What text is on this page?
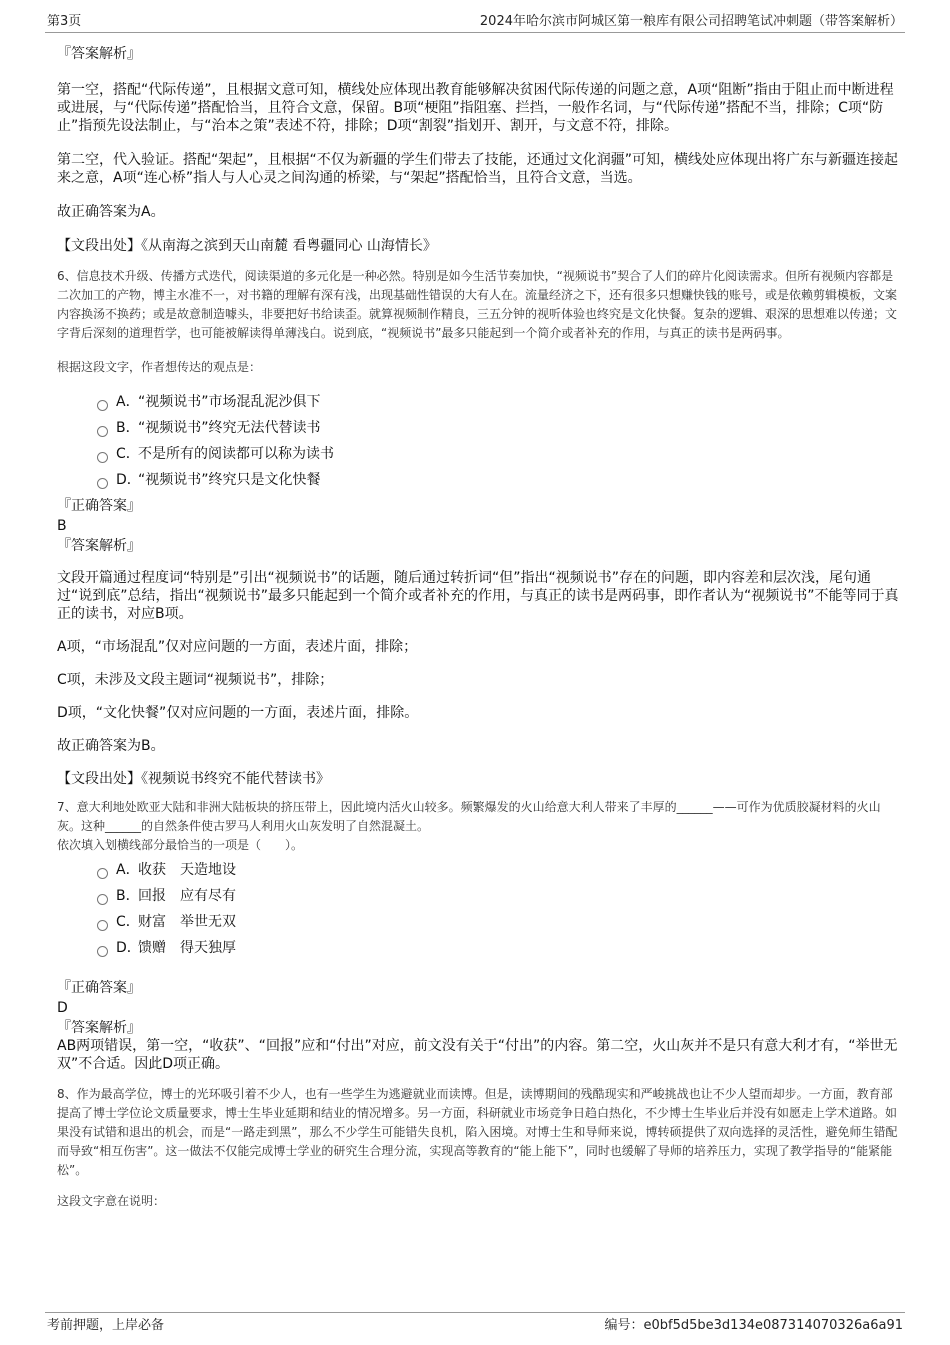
第3页	2024年哈尔滨市阿城区第一粮库有限公司招聘笔试冲刺题（带答案解析）
『答案解析』

第一空，搭配“代际传递”，且根据文意可知，横线处应体现出教育能够解决贫困代际传递的问题之意，A项“阻断”指由于阻止而中断进程或进展，与“代际传递”搭配恰当，且符合文意，保留。B项“梗阻”指阻塞、拦挡，一般作名词，与“代际传递”搭配不当，排除；C项“防止”指预先设法制止，与“治本之策”表述不符，排除；D项“割裂”指划开、割开，与文意不符，排除。

第二空，代入验证。搭配“架起”，且根据“不仅为新疆的学生们带去了技能，还通过文化润疆”可知，横线处应体现出将广东与新疆连接起来之意，A项“连心桥”指人与人心灵之间沟通的桥梁，与“架起”搭配恰当，且符合文意，当选。

故正确答案为A。

【文段出处】《从南海之滨到天山南麓 看粤疆同心 山海情长》

6、信息技术升级、传播方式迭代，阅读渠道的多元化是一种必然。特别是如今生活节奏加快，“视频说书”契合了人们的碎片化阅读需求。但所有视频内容都是二次加工的产物，博主水准不一，对书籍的理解有深有浅，出现基础性错误的大有人在。流量经济之下，还有很多只想赚快钱的账号，或是依赖剪辑模板，文案内容换汤不换药；或是故意制造噱头，非要把好书给读歪。就算视频制作精良，三五分钟的视听体验也终究是文化快餐。复杂的逻辑、艰深的思想难以传递；文字背后深刻的道理哲学，也可能被解读得单薄浅白。说到底，“视频说书”最多只能起到一个简介或者补充的作用，与真正的读书是两码事。

根据这段文字，作者想传达的观点是：

A．
“视频说书”市场混乱泥沙俱下
B．
“视频说书”终究无法代替读书
C．
不是所有的阅读都可以称为读书
D．
“视频说书”终究只是文化快餐
『正确答案』
B
『答案解析』

文段开篇通过程度词“特别是”引出“视频说书”的话题，随后通过转折词“但”指出“视频说书”存在的问题，即内容差和层次浅，尾句通过“说到底”总结，指出“视频说书”最多只能起到一个简介或者补充的作用，与真正的读书是两码事，即作者认为“视频说书”不能等同于真正的读书，对应B项。

A项，“市场混乱”仅对应问题的一方面，表述片面，排除；

C项，未涉及文段主题词“视频说书”，排除；

D项，“文化快餐”仅对应问题的一方面，表述片面，排除。

故正确答案为B。

【文段出处】《视频说书终究不能代替读书》

7、意大利地处欧亚大陆和非洲大陆板块的挤压带上，因此境内活火山较多。频繁爆发的火山给意大利人带来了丰厚的______——可作为优质胶凝材料的火山灰。这种______的自然条件使古罗马人利用火山灰发明了自然混凝土。

依次填入划横线部分最恰当的一项是（　　）。

A．
收获 天造地设
B．
回报 应有尽有
C．
财富 举世无双
D．
馈赠 得天独厚
『正确答案』
D
『答案解析』

AB两项错误，第一空，“收获”、“回报”应和“付出”对应，前文没有关于“付出”的内容。第二空，火山灰并不是只有意大利才有，“举世无双”不合适。因此D项正确。

8、作为最高学位，博士的光环吸引着不少人，也有一些学生为逃避就业而读博。但是，读博期间的残酷现实和严峻挑战也让不少人望而却步。一方面，教育部提高了博士学位论文质量要求，博士生毕业延期和结业的情况增多。另一方面，科研就业市场竞争日趋白热化，不少博士生毕业后并没有如愿走上学术道路。如果没有试错和退出的机会，而是“一路走到黑”，那么不少学生可能错失良机，陷入困境。对博士生和导师来说，博转硕提供了双向选择的灵活性，避免师生错配而导致“相互伤害”。这一做法不仅能完成博士学业的研究生合理分流，实现高等教育的“能上能下”，同时也缓解了导师的培养压力，实现了教学指导的“能紧能松”。

这段文字意在说明：

考前押题，上岸必备	编号：e0bf5d5be3d134e087314070326a6a91
